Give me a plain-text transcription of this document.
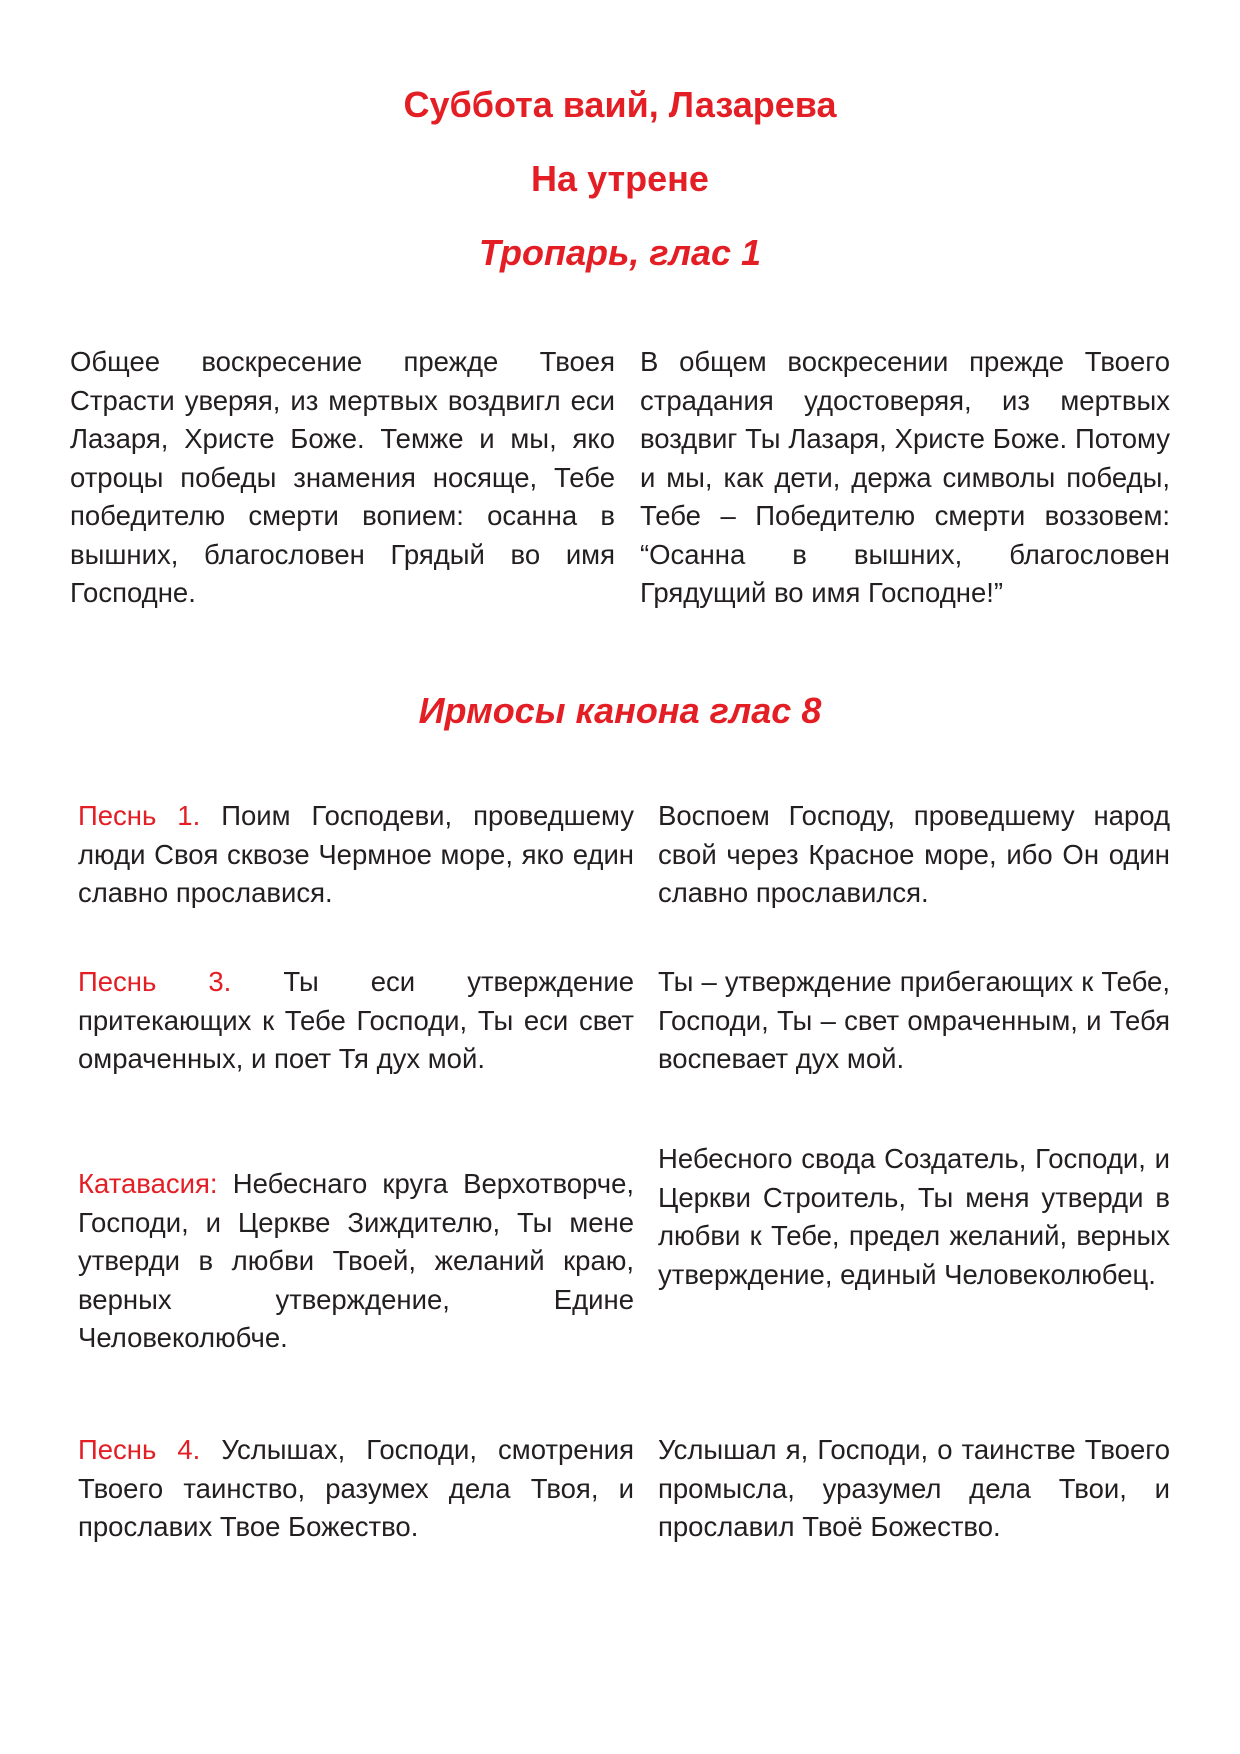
Суббота ваий, Лазарева
На утрене
Тропарь, глас 1

Общее воскресение прежде Твоея Страсти уверяя, из мертвых воздвигл еси Лазаря, Христе Боже. Темже и мы, яко отроцы победы знамения носяще, Тебе победителю смерти вопием: осанна в вышних, благословен Грядый во имя Господне.

В общем воскресении прежде Твоего страдания удостоверяя, из мертвых воздвиг Ты Лазаря, Христе Боже. Потому и мы, как дети, держа символы победы, Тебе – Победителю смерти воззовем: “Осанна в вышних, благословен Грядущий во имя Господне!”

Ирмосы канона глас 8

Песнь 1. Поим Господеви, проведшему люди Своя сквозе Чермное море, яко един славно прославися.

Воспоем Господу, проведшему народ свой через Красное море, ибо Он один славно прославился.

Песнь 3. Ты еси утверждение притекающих к Тебе Господи, Ты еси свет омраченных, и поет Тя дух мой.

Ты – утверждение прибегающих к Тебе, Господи, Ты – свет омраченным, и Тебя воспевает дух мой.

Катавасия: Небеснаго круга Верхотворче, Господи, и Церкве Зиждителю, Ты мене утверди в любви Твоей, желаний краю, верных утверждение, Едине Человеколюбче.

Небесного свода Создатель, Господи, и Церкви Строитель, Ты меня утверди в любви к Тебе, предел желаний, верных утверждение, единый Человеколюбец.

Песнь 4. Услышах, Господи, смотрения Твоего таинство, разумех дела Твоя, и прославих Твое Божество.

Услышал я, Господи, о таинстве Твоего промысла, уразумел дела Твои, и прославил Твоё Божество.
